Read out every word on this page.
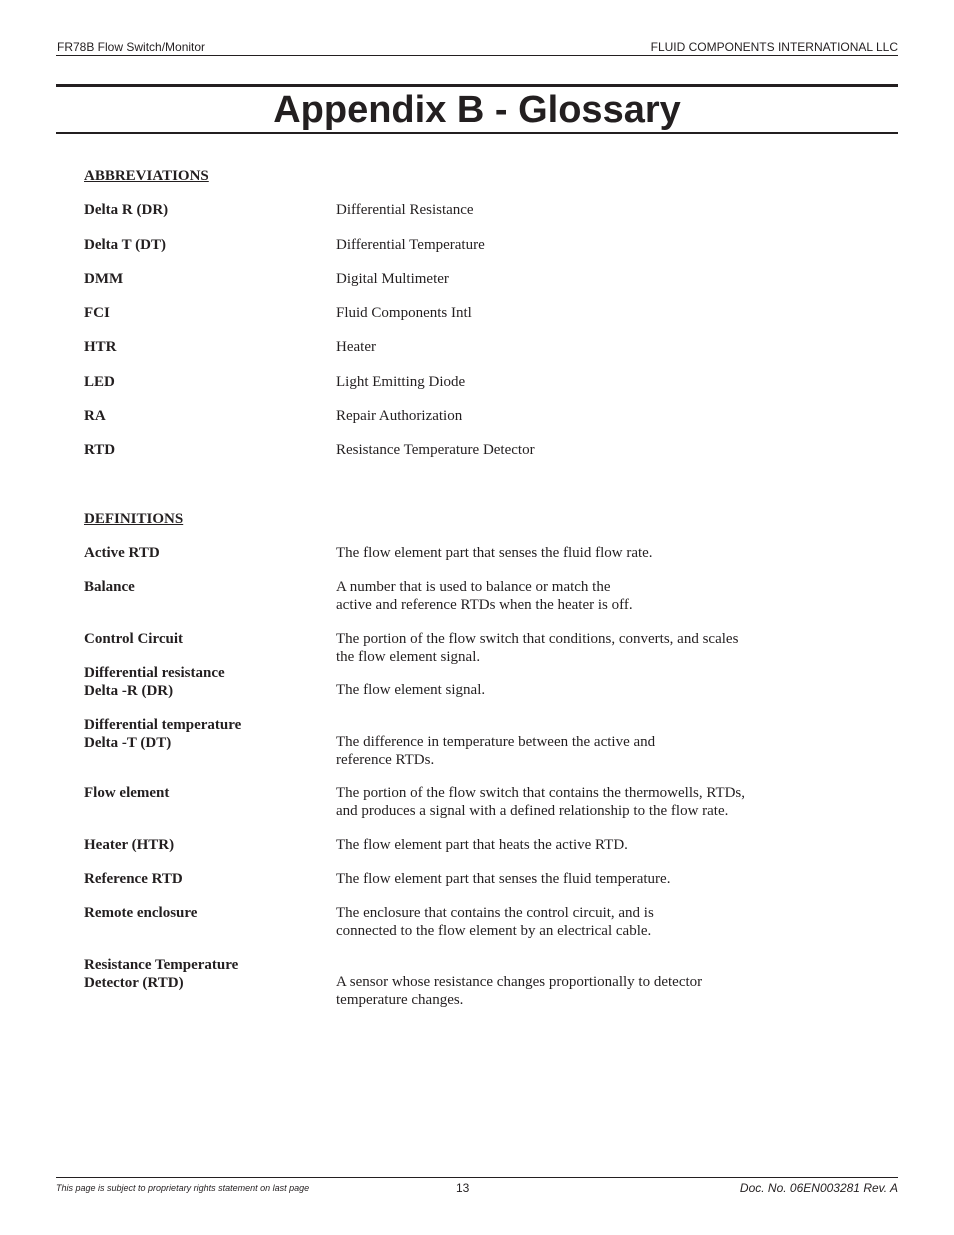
FR78B Flow Switch/Monitor	FLUID COMPONENTS INTERNATIONAL LLC
Appendix B - Glossary
ABBREVIATIONS
Delta R (DR)	Differential Resistance
Delta T (DT)	Differential Temperature
DMM	Digital Multimeter
FCI	Fluid Components Intl
HTR	Heater
LED	Light Emitting Diode
RA	Repair Authorization
RTD	Resistance Temperature Detector
DEFINITIONS
Active RTD	The flow element part that senses the fluid flow rate.
Balance	A number that is used to balance or match the
active and reference RTDs when the heater is off.
Control Circuit	The portion of the flow switch that conditions, converts, and scales
the flow element signal.
Differential resistance
Delta -R (DR)	The flow element signal.
Differential temperature
Delta -T (DT)	The difference in temperature between the active and
reference RTDs.
Flow element	The portion of the flow switch that contains the thermowells, RTDs,
and produces a signal with a defined relationship to the flow rate.
Heater (HTR)	The flow element part that heats the active RTD.
Reference RTD	The flow element part that senses the fluid temperature.
Remote enclosure	The enclosure that contains the control circuit, and is
connected to the flow element by an electrical cable.
Resistance Temperature
Detector (RTD)	A sensor whose resistance changes proportionally to detector
temperature changes.
This page is subject to proprietary rights statement on last page	13	Doc. No. 06EN003281 Rev. A
